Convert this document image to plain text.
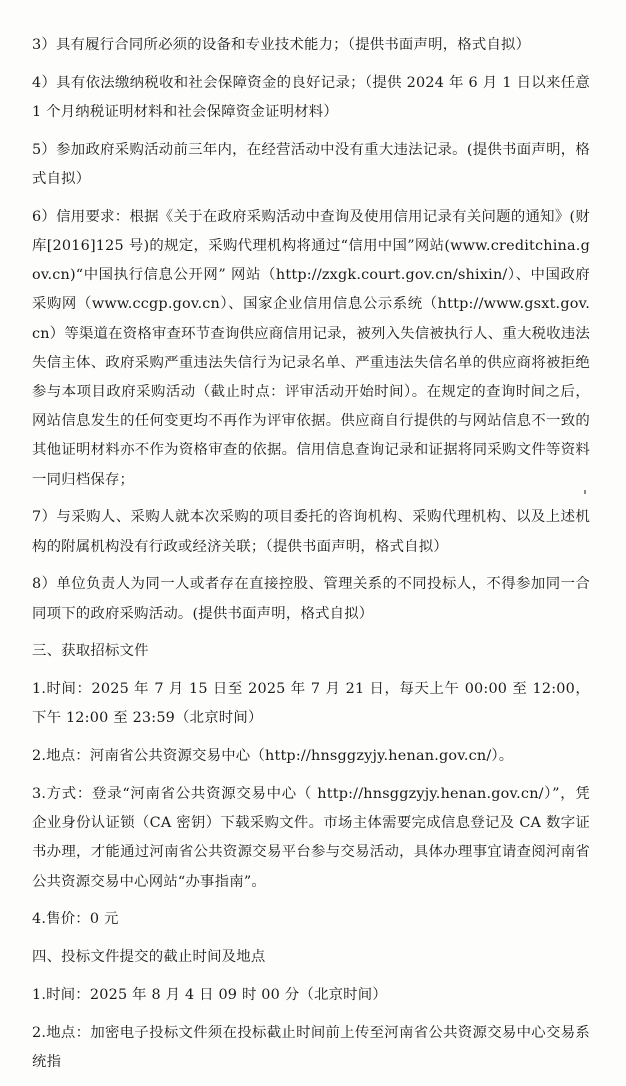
3）具有履行合同所必须的设备和专业技术能力；（提供书面声明，格式自拟）

4）具有依法缴纳税收和社会保障资金的良好记录；（提供 2024 年 6 月 1 日以来任意 1 个月纳税证明材料和社会保障资金证明材料）

5）参加政府采购活动前三年内，在经营活动中没有重大违法记录。(提供书面声明，格式自拟）

6）信用要求：根据《关于在政府采购活动中查询及使用信用记录有关问题的通知》(财库[2016]125 号)的规定，采购代理机构将通过“信用中国”网站(www.creditchina.gov.cn)“中国执行信息公开网” 网站（http://zxgk.court.gov.cn/shixin/）、中国政府采购网（www.ccgp.gov.cn）、国家企业信用信息公示系统（http://www.gsxt.gov.cn）等渠道在资格审查环节查询供应商信用记录，被列入失信被执行人、重大税收违法失信主体、政府采购严重违法失信行为记录名单、严重违法失信名单的供应商将被拒绝参与本项目政府采购活动（截止时点：评审活动开始时间）。在规定的查询时间之后，网站信息发生的任何变更均不再作为评审依据。供应商自行提供的与网站信息不一致的其他证明材料亦不作为资格审查的依据。信用信息查询记录和证据将同采购文件等资料一同归档保存；

7）与采购人、采购人就本次采购的项目委托的咨询机构、采购代理机构、以及上述机构的附属机构没有行政或经济关联；（提供书面声明，格式自拟）

8）单位负责人为同一人或者存在直接控股、管理关系的不同投标人，不得参加同一合同项下的政府采购活动。(提供书面声明，格式自拟）

三、获取招标文件

1.时间：2025 年 7 月 15 日至 2025 年 7 月 21 日，每天上午 00:00 至 12:00，下午 12:00 至 23:59（北京时间）

2.地点：河南省公共资源交易中心（http://hnsggzyjy.henan.gov.cn/）。

3.方式：登录“河南省公共资源交易中心（ http://hnsggzyjy.henan.gov.cn/）”，凭企业身份认证锁（CA 密钥）下载采购文件。市场主体需要完成信息登记及 CA 数字证书办理，才能通过河南省公共资源交易平台参与交易活动，具体办理事宜请查阅河南省公共资源交易中心网站“办事指南”。

4.售价：0 元

四、投标文件提交的截止时间及地点

1.时间：2025 年 8 月 4 日 09 时 00 分（北京时间）

2.地点：加密电子投标文件须在投标截止时间前上传至河南省公共资源交易中心交易系统指
